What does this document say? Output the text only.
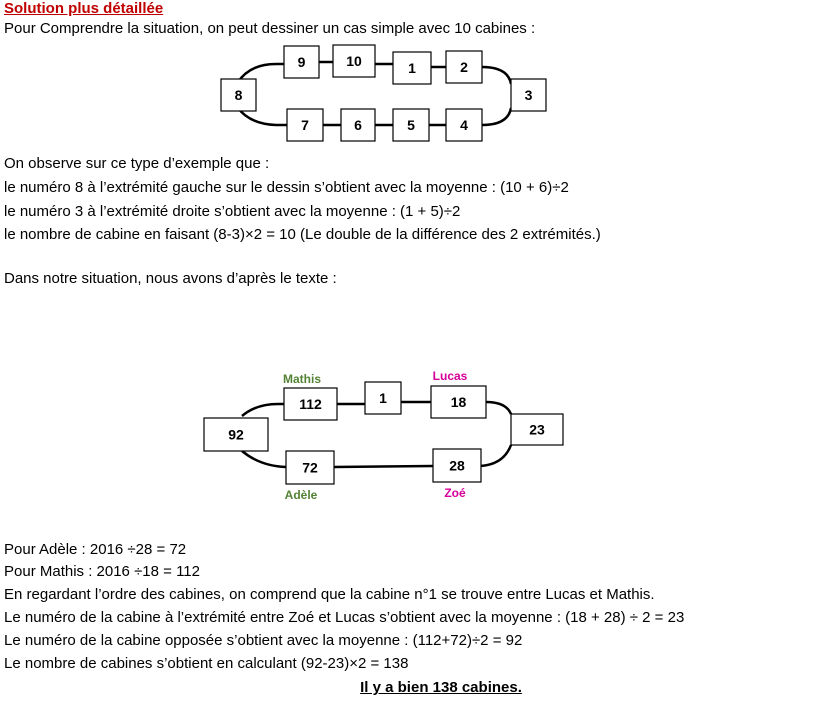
Solution plus détaillée
Pour Comprendre la situation, on peut dessiner un cas simple avec 10 cabines :
9	10	1	2
8	3
7	6	5	4
112	1	18
92	23
72	28
Mathis	Lucas
Adèle	Zoé
On observe sur ce type d’exemple que :
le numéro 8 à l’extrémité gauche sur le dessin s’obtient avec la moyenne : (10 + 6)÷2
le numéro 3 à l’extrémité droite s’obtient avec la moyenne : (1 + 5)÷2
le nombre de cabine en faisant (8-3)×2 = 10 (Le double de la différence des 2 extrémités.)
Dans notre situation, nous avons d’après le texte :
Pour Adèle : 2016 ÷28 = 72
Pour Mathis : 2016 ÷18 = 112
En regardant l’ordre des cabines, on comprend que la cabine n°1 se trouve entre Lucas et Mathis.
Le numéro de la cabine à l’extrémité entre Zoé et Lucas s’obtient avec la moyenne : (18 + 28) ÷ 2 = 23
Le numéro de la cabine opposée s’obtient avec la moyenne : (112+72)÷2 = 92
Le nombre de cabines s’obtient en calculant (92-23)×2 = 138
Il y a bien 138 cabines.
